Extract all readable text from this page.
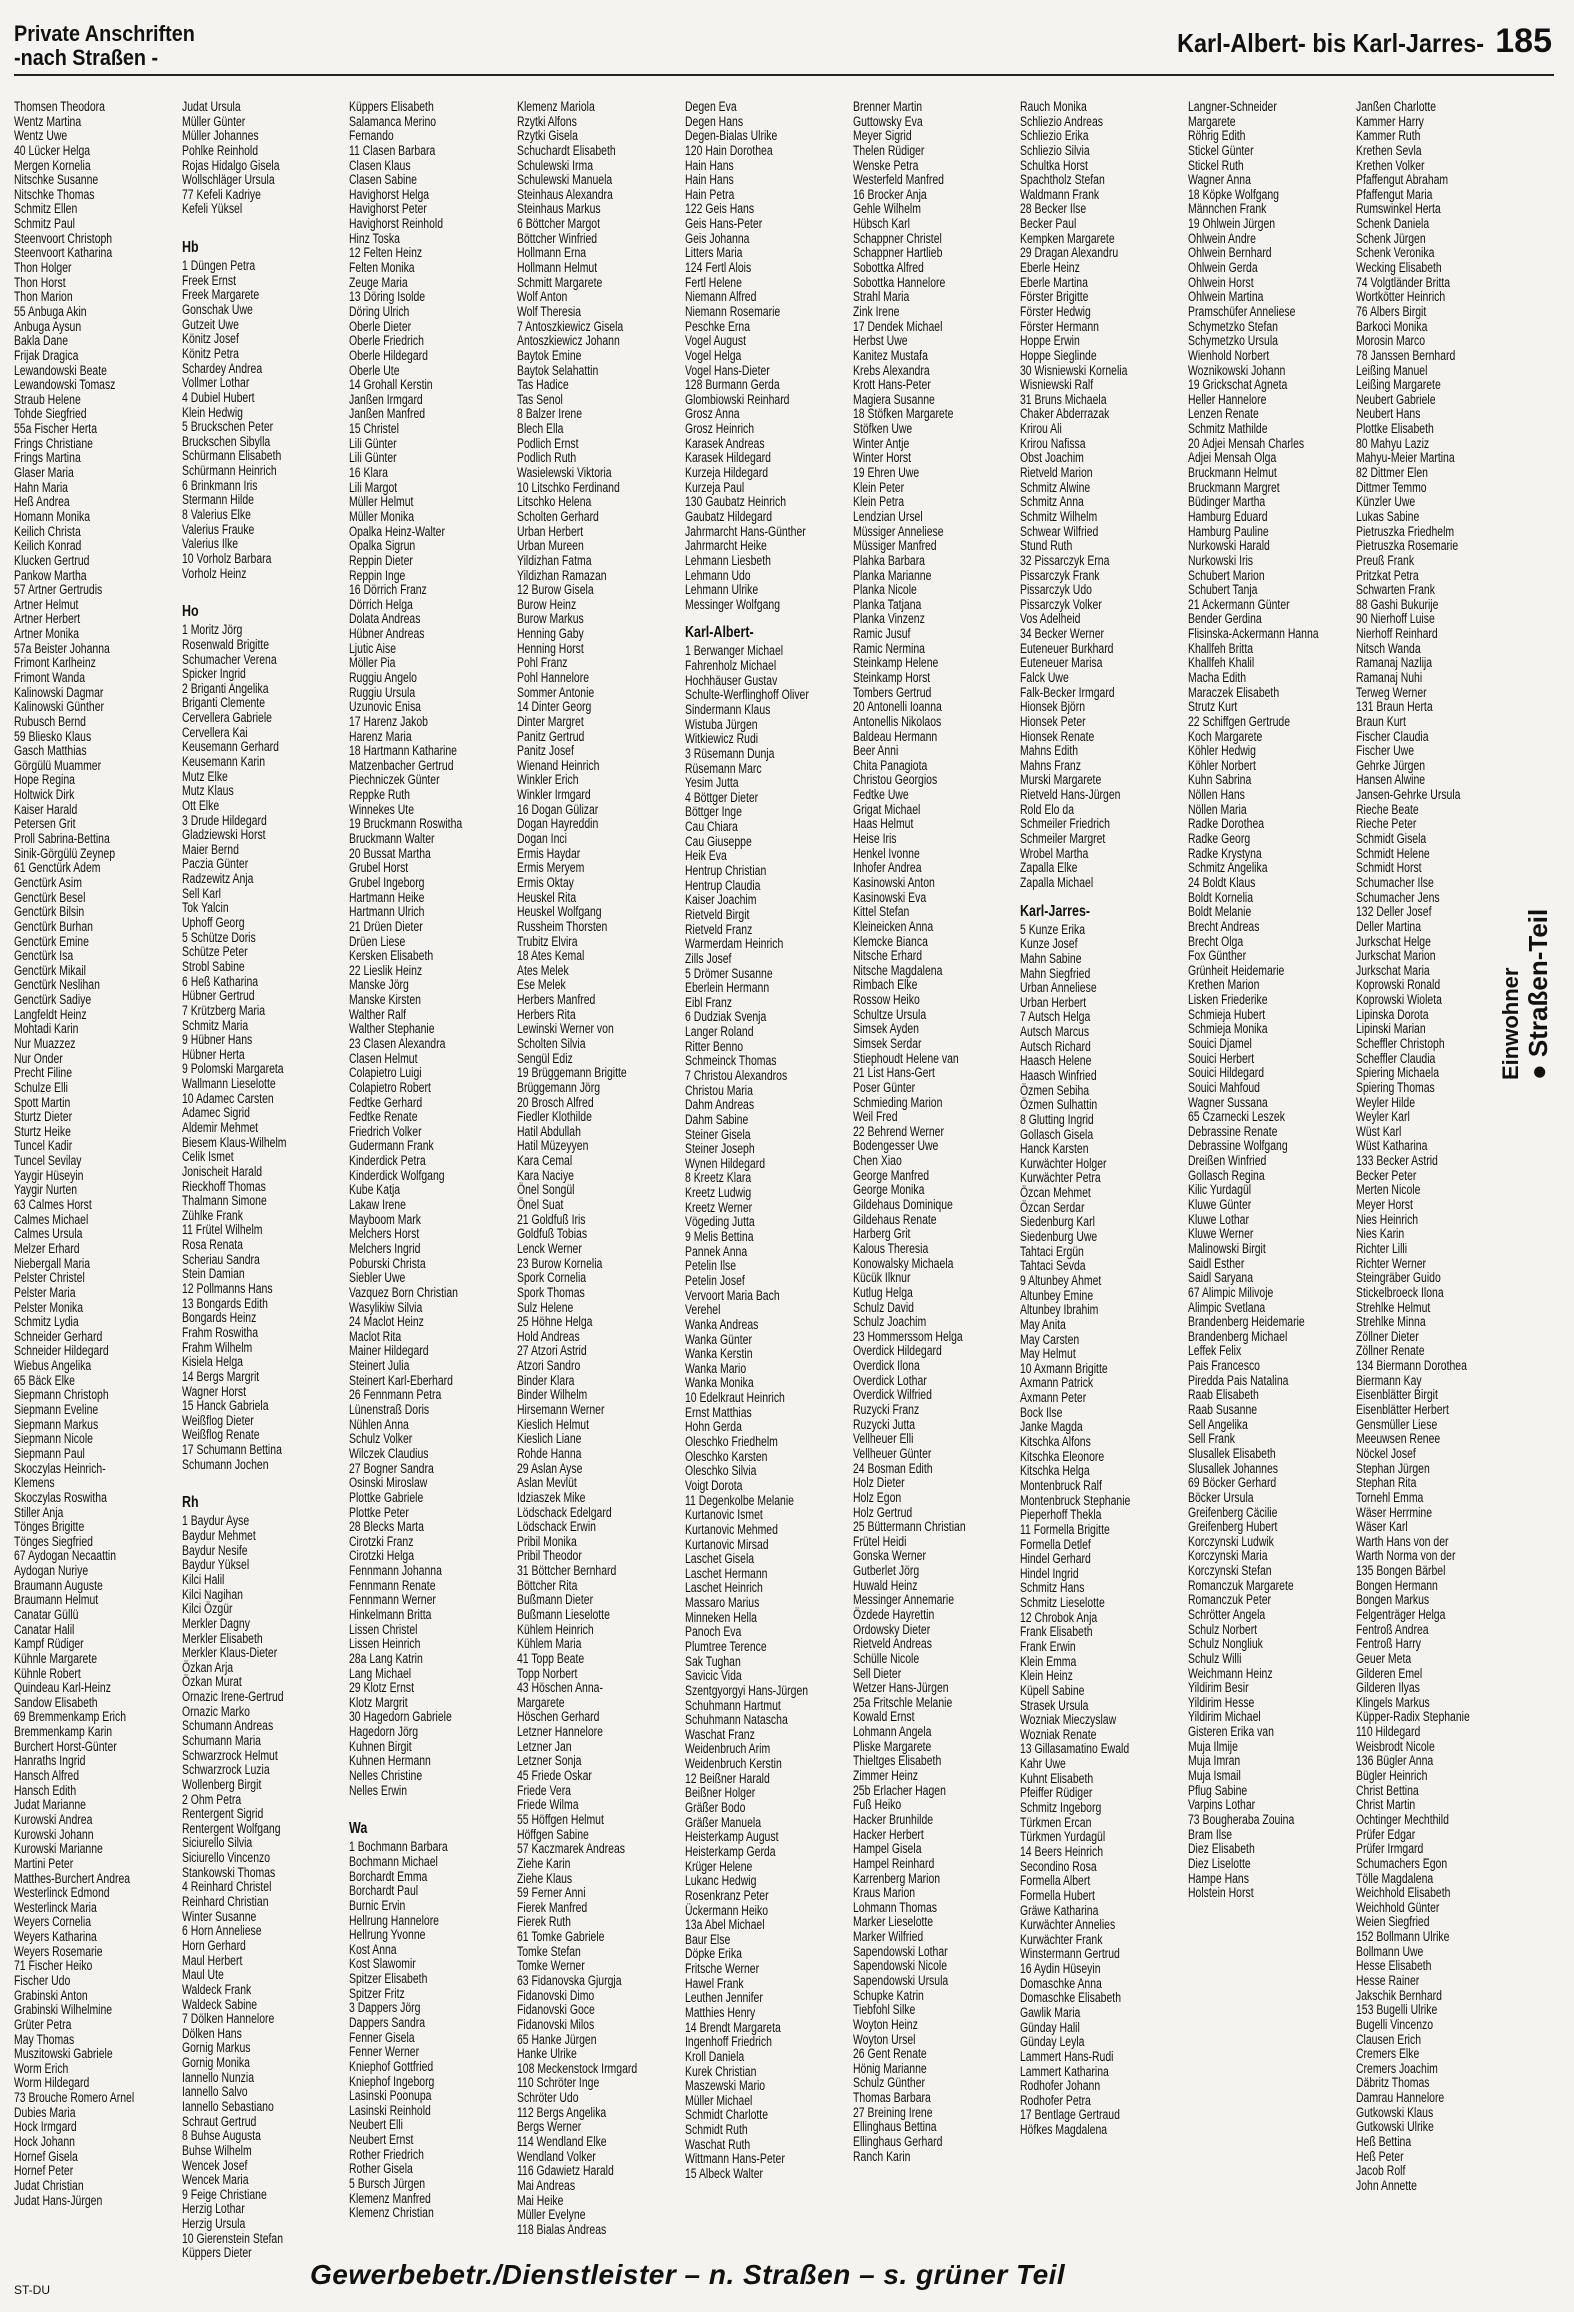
Private Anschriften
-nach Straßen -	Karl-Albert- bis Karl-Jarres- 185
Thomsen Theodora
Wentz Martina
Wentz Uwe
40 Lücker Helga
Mergen Kornelia
Nitschke Susanne
Nitschke Thomas
Schmitz Ellen
Schmitz Paul
Steenvoort Christoph
Steenvoort Katharina
Thon Holger
Thon Horst
Thon Marion
55 Anbuga Akin
Anbuga Aysun
Bakla Dane
Frijak Dragica
Lewandowski Beate
Lewandowski Tomasz
Straub Helene
Tohde Siegfried
55a Fischer Herta
Frings Christiane
Frings Martina
Glaser Maria
Hahn Maria
Heß Andrea
Homann Monika
Keilich Christa
Keilich Konrad
Klucken Gertrud
Pankow Martha
57 Artner Gertrudis
Artner Helmut
Artner Herbert
Artner Monika
57a Beister Johanna
Frimont Karlheinz
Frimont Wanda
Kalinowski Dagmar
Kalinowski Günther
Rubusch Bernd
59 Bliesko Klaus
Gasch Matthias
Görgülü Muammer
Hope Regina
Holtwick Dirk
Kaiser Harald
Petersen Grit
Proll Sabrina-Bettina
Sinik-Görgülü Zeynep
61 Genctürk Adem
Genctürk Asim
Genctürk Besel
Genctürk Bilsin
Genctürk Burhan
Genctürk Emine
Genctürk Isa
Genctürk Mikail
Genctürk Neslihan
Genctürk Sadiye
Langfeldt Heinz
Mohtadi Karin
Nur Muazzez
Nur Onder
Precht Filine
Schulze Elli
Spott Martin
Sturtz Dieter
Sturtz Heike
Tuncel Kadir
Tuncel Sevilay
Yaygir Hüseyin
Yaygir Nurten
63 Calmes Horst
Calmes Michael
Calmes Ursula
Melzer Erhard
Niebergall Maria
Pelster Christel
Pelster Maria
Pelster Monika
Schmitz Lydia
Schneider Gerhard
Schneider Hildegard
Wiebus Angelika
65 Bäck Elke
Siepmann Christoph
Siepmann Eveline
Siepmann Markus
Siepmann Nicole
Siepmann Paul
Skoczylas Heinrich-
Klemens
Skoczylas Roswitha
Stiller Anja
Tönges Brigitte
Tönges Siegfried
67 Aydogan Necaattin
Aydogan Nuriye
Braumann Auguste
Braumann Helmut
Canatar Güllü
Canatar Halil
Kampf Rüdiger
Kühnle Margarete
Kühnle Robert
Quindeau Karl-Heinz
Sandow Elisabeth
69 Bremmenkamp Erich
Bremmenkamp Karin
Burchert Horst-Günter
Hanraths Ingrid
Hansch Alfred
Hansch Edith
Judat Marianne
Kurowski Andrea
Kurowski Johann
Kurowski Marianne
Martini Peter
Matthes-Burchert Andrea
Westerlinck Edmond
Westerlinck Maria
Weyers Cornelia
Weyers Katharina
Weyers Rosemarie
71 Fischer Heiko
Fischer Udo
Grabinski Anton
Grabinski Wilhelmine
Grüter Petra
May Thomas
Muszitowski Gabriele
Worm Erich
Worm Hildegard
73 Brouche Romero Arnel
Dubies Maria
Hock Irmgard
Hock Johann
Hornef Gisela
Hornef Peter
Judat Christian
Judat Hans-Jürgen
Judat Ursula
Müller Günter
Müller Johannes
Pohlke Reinhold
Rojas Hidalgo Gisela
Wollschläger Ursula
77 Kefeli Kadriye
Kefeli Yüksel
Hb
1 Düngen Petra
Freek Ernst
Freek Margarete
Gonschak Uwe
Gutzeit Uwe
Könitz Josef
Könitz Petra
Schardey Andrea
Vollmer Lothar
4 Dubiel Hubert
Klein Hedwig
5 Bruckschen Peter
Bruckschen Sibylla
Schürmann Elisabeth
Schürmann Heinrich
6 Brinkmann Iris
Stermann Hilde
8 Valerius Elke
Valerius Frauke
Valerius Ilke
10 Vorholz Barbara
Vorholz Heinz
Ho
1 Moritz Jörg
Rosenwald Brigitte
Schumacher Verena
Spicker Ingrid
2 Briganti Angelika
Briganti Clemente
Cervellera Gabriele
Cervellera Kai
Keusemann Gerhard
Keusemann Karin
Mutz Elke
Mutz Klaus
Ott Elke
3 Drude Hildegard
Gladziewski Horst
Maier Bernd
Paczia Günter
Radzewitz Anja
Sell Karl
Tok Yalcin
Uphoff Georg
5 Schütze Doris
Schütze Peter
Strobl Sabine
6 Heß Katharina
Hübner Gertrud
7 Krützberg Maria
Schmitz Maria
9 Hübner Hans
Hübner Herta
9 Polomski Margareta
Wallmann Lieselotte
10 Adamec Carsten
Adamec Sigrid
Aldemir Mehmet
Biesem Klaus-Wilhelm
Celik Ismet
Jonischeit Harald
Rieckhoff Thomas
Thalmann Simone
Zühlke Frank
11 Frütel Wilhelm
Rosa Renata
Scheriau Sandra
Stein Damian
12 Pollmanns Hans
13 Bongards Edith
Bongards Heinz
Frahm Roswitha
Frahm Wilhelm
Kisiela Helga
14 Bergs Margrit
Wagner Horst
15 Hanck Gabriela
Weißflog Dieter
Weißflog Renate
17 Schumann Bettina
Schumann Jochen
Rh
1 Baydur Ayse
Baydur Mehmet
Baydur Nesife
Baydur Yüksel
Kilci Halil
Kilci Nagihan
Kilci Özgür
Merkler Dagny
Merkler Elisabeth
Merkler Klaus-Dieter
Özkan Arja
Özkan Murat
Ornazic Irene-Gertrud
Ornazic Marko
Schumann Andreas
Schumann Maria
Schwarzrock Helmut
Schwarzrock Luzia
Wollenberg Birgit
2 Ohm Petra
Rentergent Sigrid
Rentergent Wolfgang
Siciurello Silvia
Siciurello Vincenzo
Stankowski Thomas
4 Reinhard Christel
Reinhard Christian
Winter Susanne
6 Horn Anneliese
Horn Gerhard
Maul Herbert
Maul Ute
Waldeck Frank
Waldeck Sabine
7 Dölken Hannelore
Dölken Hans
Gornig Markus
Gornig Monika
Iannello Nunzia
Iannello Salvo
Iannello Sebastiano
Schraut Gertrud
8 Buhse Augusta
Buhse Wilhelm
Wencek Josef
Wencek Maria
9 Feige Christiane
Herzig Lothar
Herzig Ursula
10 Gierenstein Stefan
Küppers Dieter
Küppers Elisabeth
Salamanca Merino
Fernando
11 Clasen Barbara
Clasen Klaus
Clasen Sabine
Havighorst Helga
Havighorst Peter
Havighorst Reinhold
Hinz Toska
12 Felten Heinz
Felten Monika
Zeuge Maria
13 Döring Isolde
Döring Ulrich
Oberle Dieter
Oberle Friedrich
Oberle Hildegard
Oberle Ute
14 Grohall Kerstin
Janßen Irmgard
Janßen Manfred
15 Christel
Lili Günter
Lili Günter
16 Klara
Lili Margot
Müller Helmut
Müller Monika
Opalka Heinz-Walter
Opalka Sigrun
Reppin Dieter
Reppin Inge
16 Dörrich Franz
Dörrich Helga
Dolata Andreas
Hübner Andreas
Ljutic Aise
Möller Pia
Ruggiu Angelo
Ruggiu Ursula
Uzunovic Enisa
17 Harenz Jakob
Harenz Maria
18 Hartmann Katharine
Matzenbacher Gertrud
Piechniczek Günter
Reppke Ruth
Winnekes Ute
19 Bruckmann Roswitha
Bruckmann Walter
20 Bussat Martha
Grubel Horst
Grubel Ingeborg
Hartmann Heike
Hartmann Ulrich
21 Drüen Dieter
Drüen Liese
Kersken Elisabeth
22 Lieslik Heinz
Manske Jörg
Manske Kirsten
Walther Ralf
Walther Stephanie
23 Clasen Alexandra
Clasen Helmut
Colapietro Luigi
Colapietro Robert
Fedtke Gerhard
Fedtke Renate
Friedrich Volker
Gudermann Frank
Kinderdick Petra
Kinderdick Wolfgang
Kube Katja
Lakaw Irene
Mayboom Mark
Melchers Horst
Melchers Ingrid
Poburski Christa
Siebler Uwe
Vazquez Born Christian
Wasylikiw Silvia
24 Maclot Heinz
Maclot Rita
Mainer Hildegard
Steinert Julia
Steinert Karl-Eberhard
26 Fennmann Petra
Lünenstraß Doris
Nühlen Anna
Schulz Volker
Wilczek Claudius
27 Bogner Sandra
Osinski Miroslaw
Plottke Gabriele
Plottke Peter
28 Blecks Marta
Cirotzki Franz
Cirotzki Helga
Fennmann Johanna
Fennmann Renate
Fennmann Werner
Hinkelmann Britta
Lissen Christel
Lissen Heinrich
28a Lang Katrin
Lang Michael
29 Klotz Ernst
Klotz Margrit
30 Hagedorn Gabriele
Hagedorn Jörg
Kuhnen Birgit
Kuhnen Hermann
Nelles Christine
Nelles Erwin
Wa
1 Bochmann Barbara
Bochmann Michael
Borchardt Emma
Borchardt Paul
Burnic Ervin
Hellrung Hannelore
Hellrung Yvonne
Kost Anna
Kost Slawomir
Spitzer Elisabeth
Spitzer Fritz
3 Dappers Jörg
Dappers Sandra
Fenner Gisela
Fenner Werner
Kniephof Gottfried
Kniephof Ingeborg
Lasinski Poonupa
Lasinski Reinhold
Neubert Elli
Neubert Ernst
Rother Friedrich
Rother Gisela
5 Bursch Jürgen
Klemenz Manfred
Klemenz Christian
Klemenz Mariola
Rzytki Alfons
Rzytki Gisela
Schuchardt Elisabeth
Schulewski Irma
Schulewski Manuela
Steinhaus Alexandra
Steinhaus Markus
6 Böttcher Margot
Böttcher Winfried
Hollmann Erna
Hollmann Helmut
Schmitt Margarete
Wolf Anton
Wolf Theresia
7 Antoszkiewicz Gisela
Antoszkiewicz Johann
Baytok Emine
Baytok Selahattin
Tas Hadice
Tas Senol
8 Balzer Irene
Blech Ella
Podlich Ernst
Podlich Ruth
Wasielewski Viktoria
10 Litschko Ferdinand
Litschko Helena
Scholten Gerhard
Urban Herbert
Urban Mureen
Yildizhan Fatma
Yildizhan Ramazan
12 Burow Gisela
Burow Heinz
Burow Markus
Henning Gaby
Henning Horst
Pohl Franz
Pohl Hannelore
Sommer Antonie
14 Dinter Georg
Dinter Margret
Panitz Gertrud
Panitz Josef
Wienand Heinrich
Winkler Erich
Winkler Irmgard
16 Dogan Gülizar
Dogan Hayreddin
Dogan Inci
Ermis Haydar
Ermis Meryem
Ermis Oktay
Heuskel Rita
Heuskel Wolfgang
Russheim Thorsten
Trubitz Elvira
18 Ates Kemal
Ates Melek
Ese Melek
Herbers Manfred
Herbers Rita
Lewinski Werner von
Scholten Silvia
Sengül Ediz
19 Brüggemann Brigitte
Brüggemann Jörg
20 Brosch Alfred
Fiedler Klothilde
Hatil Abdullah
Hatil Müzeyyen
Kara Cemal
Kara Naciye
Önel Songül
Önel Suat
21 Goldfuß Iris
Goldfuß Tobias
Lenck Werner
23 Burow Kornelia
Spork Cornelia
Spork Thomas
Sulz Helene
25 Höhne Helga
Hold Andreas
27 Atzori Astrid
Atzori Sandro
Binder Klara
Binder Wilhelm
Hirsemann Werner
Kieslich Helmut
Kieslich Liane
Rohde Hanna
29 Aslan Ayse
Aslan Mevlüt
Idziaszek Mike
Lödschack Edelgard
Lödschack Erwin
Pribil Monika
Pribil Theodor
31 Böttcher Bernhard
Böttcher Rita
Bußmann Dieter
Bußmann Lieselotte
Kühlem Heinrich
Kühlem Maria
41 Topp Beate
Topp Norbert
43 Höschen Anna-
Margarete
Höschen Gerhard
Letzner Hannelore
Letzner Jan
Letzner Sonja
45 Friede Oskar
Friede Vera
Friede Wilma
55 Höffgen Helmut
Höffgen Sabine
57 Kaczmarek Andreas
Ziehe Karin
Ziehe Klaus
59 Ferner Anni
Fierek Manfred
Fierek Ruth
61 Tomke Gabriele
Tomke Stefan
Tomke Werner
63 Fidanovska Gjurgja
Fidanovski Dimo
Fidanovski Goce
Fidanovski Milos
65 Hanke Jürgen
Hanke Ulrike
108 Meckenstock Irmgard
110 Schröter Inge
Schröter Udo
112 Bergs Angelika
Bergs Werner
114 Wendland Elke
Wendland Volker
116 Gdawietz Harald
Mai Andreas
Mai Heike
Müller Evelyne
118 Bialas Andreas
Degen Eva
Degen Hans
Degen-Bialas Ulrike
120 Hain Dorothea
Hain Hans
Hain Hans
Hain Petra
122 Geis Hans
Geis Hans-Peter
Geis Johanna
Litters Maria
124 Fertl Alois
Fertl Helene
Niemann Alfred
Niemann Rosemarie
Peschke Erna
Vogel August
Vogel Helga
Vogel Hans-Dieter
128 Burmann Gerda
Glombiowski Reinhard
Grosz Anna
Grosz Heinrich
Karasek Andreas
Karasek Hildegard
Kurzeja Hildegard
Kurzeja Paul
130 Gaubatz Heinrich
Gaubatz Hildegard
Jahrmarcht Hans-Günther
Jahrmarcht Heike
Lehmann Liesbeth
Lehmann Udo
Lehmann Ulrike
Messinger Wolfgang
Karl-Albert-
1 Berwanger Michael
Fahrenholz Michael
Hochhäuser Gustav
Schulte-Werflinghoff Oliver
Sindermann Klaus
Wistuba Jürgen
Witkiewicz Rudi
3 Rüsemann Dunja
Rüsemann Marc
Yesim Jutta
4 Böttger Dieter
Böttger Inge
Cau Chiara
Cau Giuseppe
Heik Eva
Hentrup Christian
Hentrup Claudia
Kaiser Joachim
Rietveld Birgit
Rietveld Franz
Warmerdam Heinrich
Zills Josef
5 Drömer Susanne
Eberlein Hermann
Eibl Franz
6 Dudziak Svenja
Langer Roland
Ritter Benno
Schmeinck Thomas
7 Christou Alexandros
Christou Maria
Dahm Andreas
Dahm Sabine
Steiner Gisela
Steiner Joseph
Wynen Hildegard
8 Kreetz Klara
Kreetz Ludwig
Kreetz Werner
Vögeding Jutta
9 Melis Bettina
Pannek Anna
Petelin Ilse
Petelin Josef
Vervoort Maria Bach
Verehel
Wanka Andreas
Wanka Günter
Wanka Kerstin
Wanka Mario
Wanka Monika
10 Edelkraut Heinrich
Ernst Matthias
Hohn Gerda
Oleschko Friedhelm
Oleschko Karsten
Oleschko Silvia
Voigt Dorota
11 Degenkolbe Melanie
Kurtanovic Ismet
Kurtanovic Mehmed
Kurtanovic Mirsad
Laschet Gisela
Laschet Hermann
Laschet Heinrich
Massaro Marius
Minneken Hella
Panoch Eva
Plumtree Terence
Sak Tughan
Savicic Vida
Szentgyorgyi Hans-Jürgen
Schuhmann Hartmut
Schuhmann Natascha
Waschat Franz
Weidenbruch Arim
Weidenbruch Kerstin
12 Beißner Harald
Beißner Holger
Gräßer Bodo
Gräßer Manuela
Heisterkamp August
Heisterkamp Gerda
Krüger Helene
Lukanc Hedwig
Rosenkranz Peter
Ückermann Heiko
13a Abel Michael
Baur Else
Döpke Erika
Fritsche Werner
Hawel Frank
Leuthen Jennifer
Matthies Henry
14 Brendt Margareta
Ingenhoff Friedrich
Kroll Daniela
Kurek Christian
Maszewski Mario
Müller Michael
Schmidt Charlotte
Schmidt Ruth
Waschat Ruth
Wittmann Hans-Peter
15 Albeck Walter
Brenner Martin
Guttowsky Eva
Meyer Sigrid
Thelen Rüdiger
Wenske Petra
Westerfeld Manfred
16 Brocker Anja
Gehle Wilhelm
Hübsch Karl
Schappner Christel
Schappner Hartlieb
Sobottka Alfred
Sobottka Hannelore
Strahl Maria
Zink Irene
17 Dendek Michael
Herbst Uwe
Kanitez Mustafa
Krebs Alexandra
Krott Hans-Peter
Magiera Susanne
18 Stöfken Margarete
Stöfken Uwe
Winter Antje
Winter Horst
19 Ehren Uwe
Klein Peter
Klein Petra
Lendzian Ursel
Müssiger Anneliese
Müssiger Manfred
Plahka Barbara
Planka Marianne
Planka Nicole
Planka Tatjana
Planka Vinzenz
Ramic Jusuf
Ramic Nermina
Steinkamp Helene
Steinkamp Horst
Tombers Gertrud
20 Antonelli Ioanna
Antonellis Nikolaos
Baldeau Hermann
Beer Anni
Chita Panagiota
Christou Georgios
Fedtke Uwe
Grigat Michael
Haas Helmut
Heise Iris
Henkel Ivonne
Inhofer Andrea
Kasinowski Anton
Kasinowski Eva
Kittel Stefan
Kleineicken Anna
Klemcke Bianca
Nitsche Erhard
Nitsche Magdalena
Rimbach Elke
Rossow Heiko
Schultze Ursula
Simsek Ayden
Simsek Serdar
Stiephoudt Helene van
21 List Hans-Gert
Poser Günter
Schmieding Marion
Weil Fred
22 Behrend Werner
Bodengesser Uwe
Chen Xiao
George Manfred
George Monika
Gildehaus Dominique
Gildehaus Renate
Harberg Grit
Kalous Theresia
Konowalsky Michaela
Kücük Ilknur
Kutlug Helga
Schulz David
Schulz Joachim
23 Hommerssom Helga
Overdick Hildegard
Overdick Ilona
Overdick Lothar
Overdick Wilfried
Ruzycki Franz
Ruzycki Jutta
Vellheuer Elli
Vellheuer Günter
24 Bosman Edith
Holz Dieter
Holz Egon
Holz Gertrud
25 Büttermann Christian
Frütel Heidi
Gonska Werner
Gutberlet Jörg
Huwald Heinz
Messinger Annemarie
Özdede Hayrettin
Ordowsky Dieter
Rietveld Andreas
Schülle Nicole
Sell Dieter
Wetzer Hans-Jürgen
25a Fritschle Melanie
Kowald Ernst
Lohmann Angela
Pliske Margarete
Thieltges Elisabeth
Zimmer Heinz
25b Erlacher Hagen
Fuß Heiko
Hacker Brunhilde
Hacker Herbert
Hampel Gisela
Hampel Reinhard
Karrenberg Marion
Kraus Marion
Lohmann Thomas
Marker Lieselotte
Marker Wilfried
Sapendowski Lothar
Sapendowski Nicole
Sapendowski Ursula
Schupke Katrin
Tiebfohl Silke
Woyton Heinz
Woyton Ursel
26 Gent Renate
Hönig Marianne
Schulz Günther
Thomas Barbara
27 Breining Irene
Ellinghaus Bettina
Ellinghaus Gerhard
Ranch Karin
Rauch Monika
Schliezio Andreas
Schliezio Erika
Schliezio Silvia
Schultka Horst
Spachtholz Stefan
Waldmann Frank
28 Becker Ilse
Becker Paul
Kempken Margarete
29 Dragan Alexandru
Eberle Heinz
Eberle Martina
Förster Brigitte
Förster Hedwig
Förster Hermann
Hoppe Erwin
Hoppe Sieglinde
30 Wisniewski Kornelia
Wisniewski Ralf
31 Bruns Michaela
Chaker Abderrazak
Krirou Ali
Krirou Nafissa
Obst Joachim
Rietveld Marion
Schmitz Alwine
Schmitz Anna
Schmitz Wilhelm
Schwear Wilfried
Stund Ruth
32 Pissarczyk Erna
Pissarczyk Frank
Pissarczyk Udo
Pissarczyk Volker
Vos Adelheid
34 Becker Werner
Euteneuer Burkhard
Euteneuer Marisa
Falck Uwe
Falk-Becker Irmgard
Hionsek Björn
Hionsek Peter
Hionsek Renate
Mahns Edith
Mahns Franz
Murski Margarete
Rietveld Hans-Jürgen
Rold Elo da
Schmeiler Friedrich
Schmeiler Margret
Wrobel Martha
Zapalla Elke
Zapalla Michael
Karl-Jarres-
5 Kunze Erika
Kunze Josef
Mahn Sabine
Mahn Siegfried
Urban Anneliese
Urban Herbert
7 Autsch Helga
Autsch Marcus
Autsch Richard
Haasch Helene
Haasch Winfried
Özmen Sebiha
Özmen Sulhattin
8 Glutting Ingrid
Gollasch Gisela
Hanck Karsten
Kurwächter Holger
Kurwächter Petra
Özcan Mehmet
Özcan Serdar
Siedenburg Karl
Siedenburg Uwe
Tahtaci Ergün
Tahtaci Sevda
9 Altunbey Ahmet
Altunbey Emine
Altunbey Ibrahim
May Anita
May Carsten
May Helmut
10 Axmann Brigitte
Axmann Patrick
Axmann Peter
Bock Ilse
Janke Magda
Kitschka Alfons
Kitschka Eleonore
Kitschka Helga
Montenbruck Ralf
Montenbruck Stephanie
Pieperhoff Thekla
11 Formella Brigitte
Formella Detlef
Hindel Gerhard
Hindel Ingrid
Schmitz Hans
Schmitz Lieselotte
12 Chrobok Anja
Frank Elisabeth
Frank Erwin
Klein Emma
Klein Heinz
Küpell Sabine
Strasek Ursula
Wozniak Mieczyslaw
Wozniak Renate
13 Gillasamatino Ewald
Kahr Uwe
Kuhnt Elisabeth
Pfeiffer Rüdiger
Schmitz Ingeborg
Türkmen Ercan
Türkmen Yurdagül
14 Beers Heinrich
Secondino Rosa
Formella Albert
Formella Hubert
Gräwe Katharina
Kurwächter Annelies
Kurwächter Frank
Winstermann Gertrud
16 Aydin Hüseyin
Domaschke Anna
Domaschke Elisabeth
Gawlik Maria
Günday Halil
Günday Leyla
Lammert Hans-Rudi
Lammert Katharina
Rodhofer Johann
Rodhofer Petra
17 Bentlage Gertraud
Höfkes Magdalena
Langner-Schneider
Margarete
Röhrig Edith
Stickel Günter
Stickel Ruth
Wagner Anna
18 Köpke Wolfgang
Männchen Frank
19 Ohlwein Jürgen
Ohlwein Andre
Ohlwein Bernhard
Ohlwein Gerda
Ohlwein Horst
Ohlwein Martina
Pramschüfer Anneliese
Schymetzko Stefan
Schymetzko Ursula
Wienhold Norbert
Woznikowski Johann
19 Grickschat Agneta
Heller Hannelore
Lenzen Renate
Schmitz Mathilde
20 Adjei Mensah Charles
Adjei Mensah Olga
Bruckmann Helmut
Bruckmann Margret
Büdinger Martha
Hamburg Eduard
Hamburg Pauline
Nurkowski Harald
Nurkowski Iris
Schubert Marion
Schubert Tanja
21 Ackermann Günter
Bender Gerdina
Flisinska-Ackermann Hanna
Khallfeh Britta
Khallfeh Khalil
Macha Edith
Maraczek Elisabeth
Strutz Kurt
22 Schiffgen Gertrude
Koch Margarete
Köhler Hedwig
Köhler Norbert
Kuhn Sabrina
Nöllen Hans
Nöllen Maria
Radke Dorothea
Radke Georg
Radke Krystyna
Schmitz Angelika
24 Boldt Klaus
Boldt Kornelia
Boldt Melanie
Brecht Andreas
Brecht Olga
Fox Günther
Grünheit Heidemarie
Krethen Marion
Lisken Friederike
Schmieja Hubert
Schmieja Monika
Souici Djamel
Souici Herbert
Souici Hildegard
Souici Mahfoud
Wagner Sussana
65 Czarnecki Leszek
Debrassine Renate
Debrassine Wolfgang
Dreißen Winfried
Gollasch Regina
Kilic Yurdagül
Kluwe Günter
Kluwe Lothar
Kluwe Werner
Malinowski Birgit
Saidl Esther
Saidl Saryana
67 Alimpic Milivoje
Alimpic Svetlana
Brandenberg Heidemarie
Brandenberg Michael
Leffek Felix
Pais Francesco
Piredda Pais Natalina
Raab Elisabeth
Raab Susanne
Sell Angelika
Sell Frank
Slusallek Elisabeth
Slusallek Johannes
69 Böcker Gerhard
Böcker Ursula
Greifenberg Cäcilie
Greifenberg Hubert
Korczynski Ludwik
Korczynski Maria
Korczynski Stefan
Romanczuk Margarete
Romanczuk Peter
Schrötter Angela
Schulz Norbert
Schulz Nongliuk
Schulz Willi
Weichmann Heinz
Yildirim Besir
Yildirim Hesse
Yildirim Michael
Gisteren Erika van
Muja Ilmije
Muja Imran
Muja Ismail
Pflug Sabine
Varpins Lothar
73 Bougheraba Zouina
Bram Ilse
Diez Elisabeth
Diez Liselotte
Hampe Hans
Holstein Horst
Janßen Charlotte
Kammer Harry
Kammer Ruth
Krethen Sevla
Krethen Volker
Pfaffengut Abraham
Pfaffengut Maria
Rumswinkel Herta
Schenk Daniela
Schenk Jürgen
Schenk Veronika
Wecking Elisabeth
74 Volgtländer Britta
Wortkötter Heinrich
76 Albers Birgit
Barkoci Monika
Morosin Marco
78 Janssen Bernhard
Leißing Manuel
Leißing Margarete
Neubert Gabriele
Neubert Hans
Plottke Elisabeth
80 Mahyu Laziz
Mahyu-Meier Martina
82 Dittmer Elen
Dittmer Temmo
Künzler Uwe
Lukas Sabine
Pietruszka Friedhelm
Pietruszka Rosemarie
Preuß Frank
Pritzkat Petra
Schwarten Frank
88 Gashi Bukurije
90 Nierhoff Luise
Nierhoff Reinhard
Nitsch Wanda
Ramanaj Nazlija
Ramanaj Nuhi
Terweg Werner
131 Braun Herta
Braun Kurt
Fischer Claudia
Fischer Uwe
Gehrke Jürgen
Hansen Alwine
Jansen-Gehrke Ursula
Rieche Beate
Rieche Peter
Schmidt Gisela
Schmidt Helene
Schmidt Horst
Schumacher Ilse
Schumacher Jens
132 Deller Josef
Deller Martina
Jurkschat Helge
Jurkschat Marion
Jurkschat Maria
Koprowski Ronald
Koprowski Wioleta
Lipinska Dorota
Lipinski Marian
Scheffler Christoph
Scheffler Claudia
Spiering Michaela
Spiering Thomas
Weyler Hilde
Weyler Karl
Wüst Karl
Wüst Katharina
133 Becker Astrid
Becker Peter
Merten Nicole
Meyer Horst
Nies Heinrich
Nies Karin
Richter Lilli
Richter Werner
Steingräber Guido
Stickelbroeck Ilona
Strehlke Helmut
Strehlke Minna
Zöllner Dieter
Zöllner Renate
134 Biermann Dorothea
Biermann Kay
Eisenblätter Birgit
Eisenblätter Herbert
Gensmüller Liese
Meeuwsen Renee
Nöckel Josef
Stephan Jürgen
Stephan Rita
Tornehl Emma
Wäser Herrmine
Wäser Karl
Warth Hans von der
Warth Norma von der
135 Bongen Bärbel
Bongen Hermann
Bongen Markus
Felgenträger Helga
Fentroß Andrea
Fentroß Harry
Geuer Meta
Gilderen Emel
Gilderen Ilyas
Klingels Markus
Küpper-Radix Stephanie
110 Hildegard
Weisbrodt Nicole
136 Bügler Anna
Bügler Heinrich
Christ Bettina
Christ Martin
Ochtinger Mechthild
Prüfer Edgar
Prüfer Irmgard
Schumachers Egon
Tölle Magdalena
Weichhold Elisabeth
Weichhold Günter
Weien Siegfried
152 Bollmann Ulrike
Bollmann Uwe
Hesse Elisabeth
Hesse Rainer
Jakschik Bernhard
153 Bugelli Ulrike
Bugelli Vincenzo
Clausen Erich
Cremers Elke
Cremers Joachim
Däbritz Thomas
Damrau Hannelore
Gutkowski Klaus
Gutkowski Ulrike
Heß Bettina
Heß Peter
Jacob Rolf
John Annette
Einwohner ● Straßen-Teil
ST-DU	Gewerbebetr./Dienstleister – n. Straßen – s. grüner Teil
